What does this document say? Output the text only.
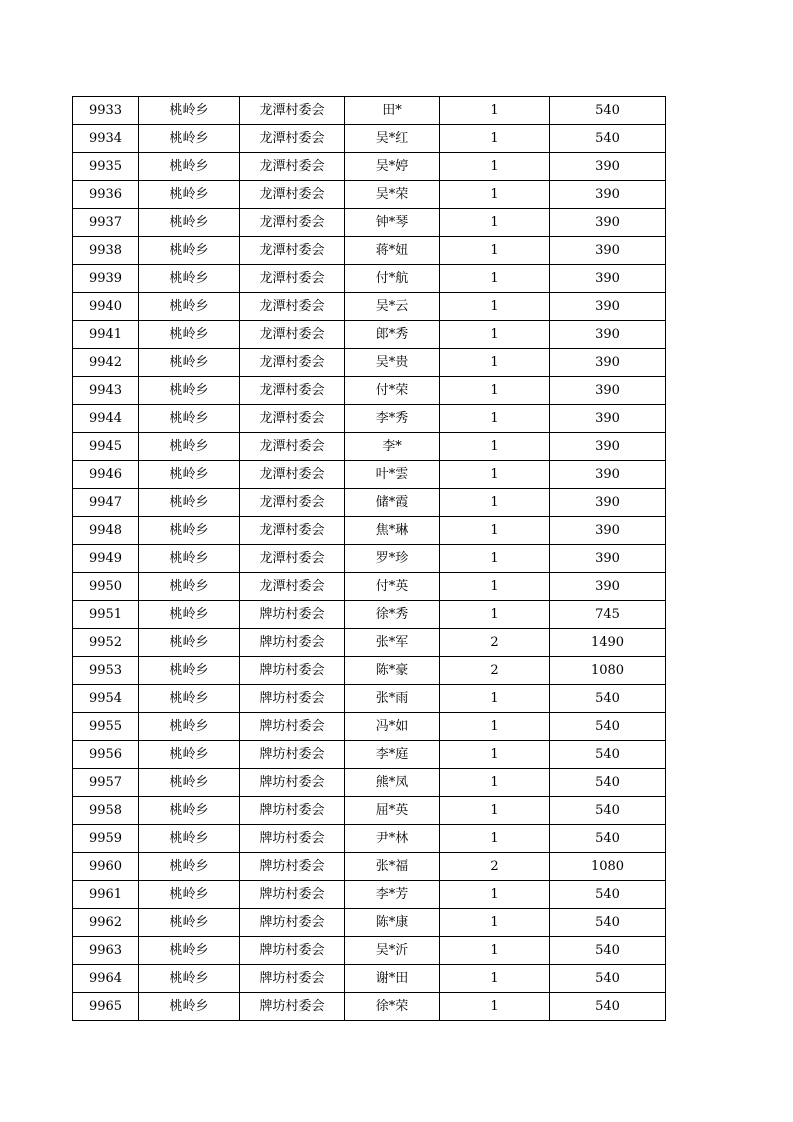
9933	桃岭乡	龙潭村委会	田*	1	540
9934	桃岭乡	龙潭村委会	吴*红	1	540
9935	桃岭乡	龙潭村委会	吴*婷	1	390
9936	桃岭乡	龙潭村委会	吴*荣	1	390
9937	桃岭乡	龙潭村委会	钟*琴	1	390
9938	桃岭乡	龙潭村委会	蒋*妞	1	390
9939	桃岭乡	龙潭村委会	付*航	1	390
9940	桃岭乡	龙潭村委会	吴*云	1	390
9941	桃岭乡	龙潭村委会	郎*秀	1	390
9942	桃岭乡	龙潭村委会	吴*贵	1	390
9943	桃岭乡	龙潭村委会	付*荣	1	390
9944	桃岭乡	龙潭村委会	李*秀	1	390
9945	桃岭乡	龙潭村委会	李*	1	390
9946	桃岭乡	龙潭村委会	叶*雲	1	390
9947	桃岭乡	龙潭村委会	储*霞	1	390
9948	桃岭乡	龙潭村委会	焦*琳	1	390
9949	桃岭乡	龙潭村委会	罗*珍	1	390
9950	桃岭乡	龙潭村委会	付*英	1	390
9951	桃岭乡	牌坊村委会	徐*秀	1	745
9952	桃岭乡	牌坊村委会	张*军	2	1490
9953	桃岭乡	牌坊村委会	陈*豪	2	1080
9954	桃岭乡	牌坊村委会	张*雨	1	540
9955	桃岭乡	牌坊村委会	冯*如	1	540
9956	桃岭乡	牌坊村委会	李*庭	1	540
9957	桃岭乡	牌坊村委会	熊*凤	1	540
9958	桃岭乡	牌坊村委会	屈*英	1	540
9959	桃岭乡	牌坊村委会	尹*林	1	540
9960	桃岭乡	牌坊村委会	张*福	2	1080
9961	桃岭乡	牌坊村委会	李*芳	1	540
9962	桃岭乡	牌坊村委会	陈*康	1	540
9963	桃岭乡	牌坊村委会	吴*沂	1	540
9964	桃岭乡	牌坊村委会	谢*田	1	540
9965	桃岭乡	牌坊村委会	徐*荣	1	540
